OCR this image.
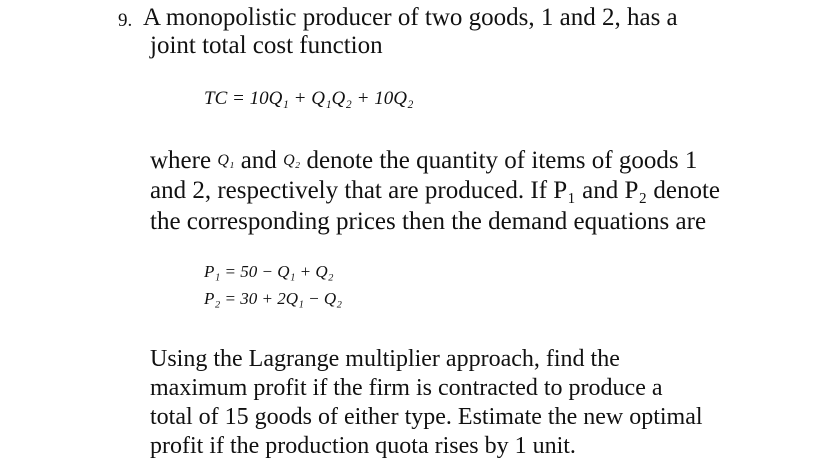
9. A monopolistic producer of two goods, 1 and 2, has a

joint total cost function

TC = 10Q₁ + Q₁Q₂ + 10Q₂

where Q₁ and Q₂ denote the quantity of items of goods 1

and 2, respectively that are produced. If P₁ and P₂ denote

the corresponding prices then the demand equations are

P₁ = 50 − Q₁ + Q₂
P₂ = 30 + 2Q₁ − Q₂

Using the Lagrange multiplier approach, find the

maximum profit if the firm is contracted to produce a

total of 15 goods of either type. Estimate the new optimal

profit if the production quota rises by 1 unit.
